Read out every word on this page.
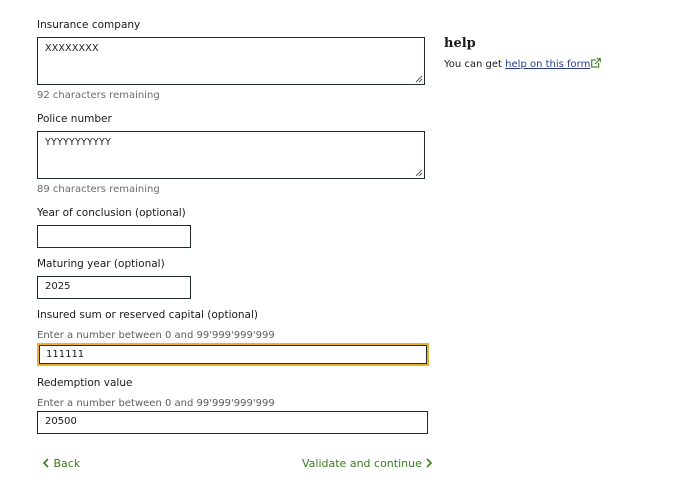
Insurance company
XXXXXXXX
92 characters remaining
Police number
YYYYYYYYYYY
89 characters remaining
Year of conclusion (optional)
Maturing year (optional)
2025
Insured sum or reserved capital (optional)
Enter a number between 0 and 99'999'999'999
111111
Redemption value
Enter a number between 0 and 99'999'999'999
20500
help
You can get help on this form
Back	Validate and continue
